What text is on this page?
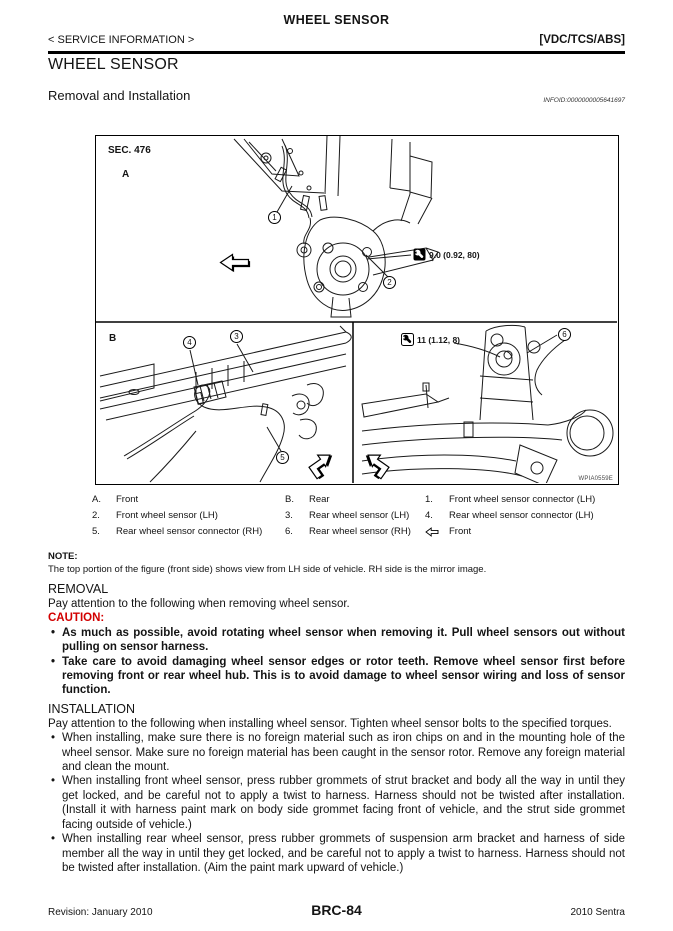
WHEEL SENSOR
< SERVICE INFORMATION >	[VDC/TCS/ABS]
WHEEL SENSOR
Removal and Installation	INFOID:0000000005641697
SEC. 476
A
B
9.0 (0.92, 80)
11 (1.12, 8)
1
2
3
4
5
6
WPIA0559E
A.	Front	B.	Rear	1.	Front wheel sensor connector (LH)
2.	Front wheel sensor (LH)	3.	Rear wheel sensor (LH) 4.	Rear wheel sensor connector (LH)
5.	Rear wheel sensor connector (RH) 6.	Rear wheel sensor (RH)	Front
NOTE:
The top portion of the figure (front side) shows view from LH side of vehicle. RH side is the mirror image.
REMOVAL
Pay attention to the following when removing wheel sensor.
CAUTION:
• As much as possible, avoid rotating wheel sensor when removing it. Pull wheel sensors out without pulling on sensor harness.
• Take care to avoid damaging wheel sensor edges or rotor teeth. Remove wheel sensor first before removing front or rear wheel hub. This is to avoid damage to wheel sensor wiring and loss of sensor function.
INSTALLATION
Pay attention to the following when installing wheel sensor. Tighten wheel sensor bolts to the specified torques.
• When installing, make sure there is no foreign material such as iron chips on and in the mounting hole of the wheel sensor. Make sure no foreign material has been caught in the sensor rotor. Remove any foreign material and clean the mount.
• When installing front wheel sensor, press rubber grommets of strut bracket and body all the way in until they get locked, and be careful not to apply a twist to harness. Harness should not be twisted after installation. (Install it with harness paint mark on body side grommet facing front of vehicle, and the strut side grommet facing outside of vehicle.)
• When installing rear wheel sensor, press rubber grommets of suspension arm bracket and harness of side member all the way in until they get locked, and be careful not to apply a twist to harness. Harness should not be twisted after installation. (Aim the paint mark upward of vehicle.)
BRC-84
Revision: January 2010	2010 Sentra
